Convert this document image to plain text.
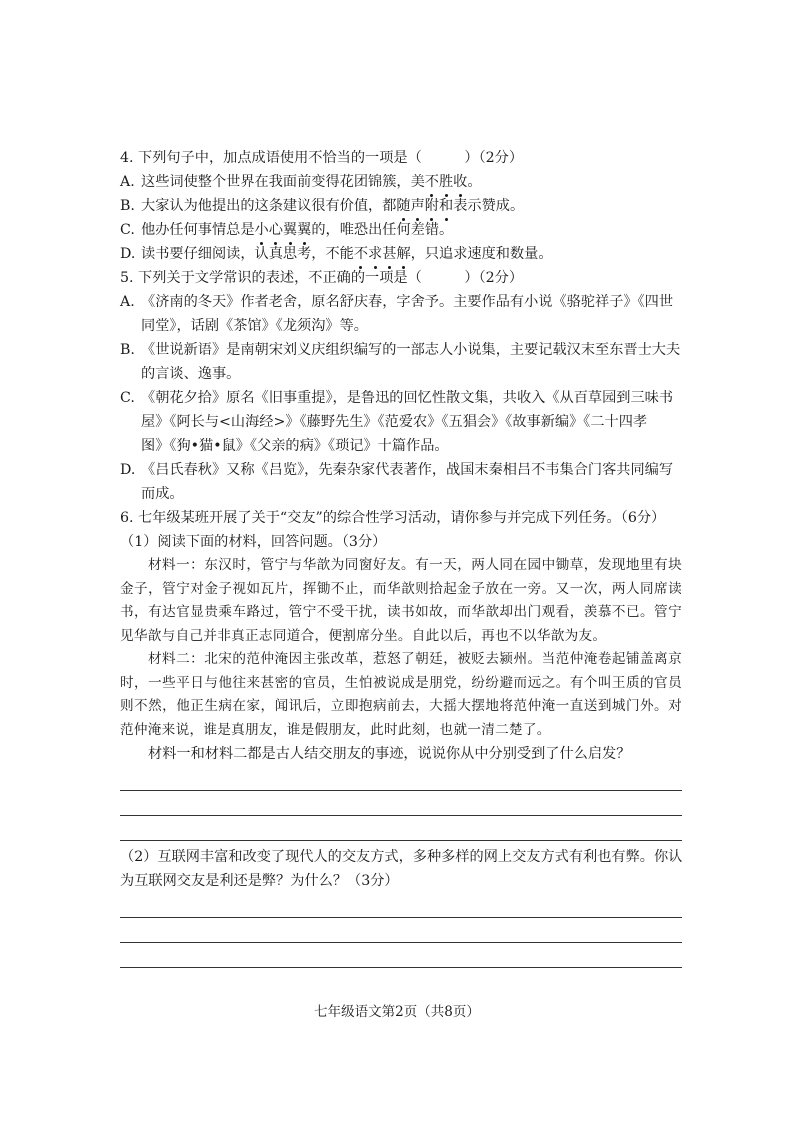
4. 下列句子中，加点成语使用不恰当的一项是（　　　）（2分）
A. 这些词使整个世界在我面前变得花团锦簇，美不胜收。
B. 大家认为他提出的这条建议很有价值，都随声附和表示赞成。
C. 他办任何事情总是小心翼翼的，唯恐出任何差错。
D. 读书要仔细阅读，认真思考，不能不求甚解，只追求速度和数量。
5. 下列关于文学常识的表述，不正确的一项是（　　　）（2分）
A. 《济南的冬天》作者老舍，原名舒庆春，字舍予。主要作品有小说《骆驼祥子》《四世
同堂》，话剧《茶馆》《龙须沟》等。
B. 《世说新语》是南朝宋刘义庆组织编写的一部志人小说集，主要记载汉末至东晋士大夫
的言谈、逸事。
C. 《朝花夕拾》原名《旧事重提》，是鲁迅的回忆性散文集，共收入《从百草园到三味书
屋》《阿长与<山海经>》《藤野先生》《范爱农》《五猖会》《故事新编》《二十四孝
图》《狗•猫•鼠》《父亲的病》《琐记》十篇作品。
D. 《吕氏春秋》又称《吕览》，先秦杂家代表著作，战国末秦相吕不韦集合门客共同编写
而成。
6. 七年级某班开展了关于“交友”的综合性学习活动，请你参与并完成下列任务。（6分）
（1）阅读下面的材料，回答问题。（3分）
材料一：东汉时，管宁与华歆为同窗好友。有一天，两人同在园中锄草，发现地里有块金子，管宁对金子视如瓦片，挥锄不止，而华歆则拾起金子放在一旁。又一次，两人同席读书，有达官显贵乘车路过，管宁不受干扰，读书如故，而华歆却出门观看，羡慕不已。管宁见华歆与自己并非真正志同道合，便割席分坐。自此以后，再也不以华歆为友。
材料二：北宋的范仲淹因主张改革，惹怒了朝廷，被贬去颍州。当范仲淹卷起铺盖离京时，一些平日与他往来甚密的官员，生怕被说成是朋党，纷纷避而远之。有个叫王质的官员则不然，他正生病在家，闻讯后，立即抱病前去，大摇大摆地将范仲淹一直送到城门外。对范仲淹来说，谁是真朋友，谁是假朋友，此时此刻，也就一清二楚了。
材料一和材料二都是古人结交朋友的事迹，说说你从中分别受到了什么启发？
（2）互联网丰富和改变了现代人的交友方式，多种多样的网上交友方式有利也有弊。你认
为互联网交友是利还是弊？为什么？（3分）
七年级语文第2页（共8页）
